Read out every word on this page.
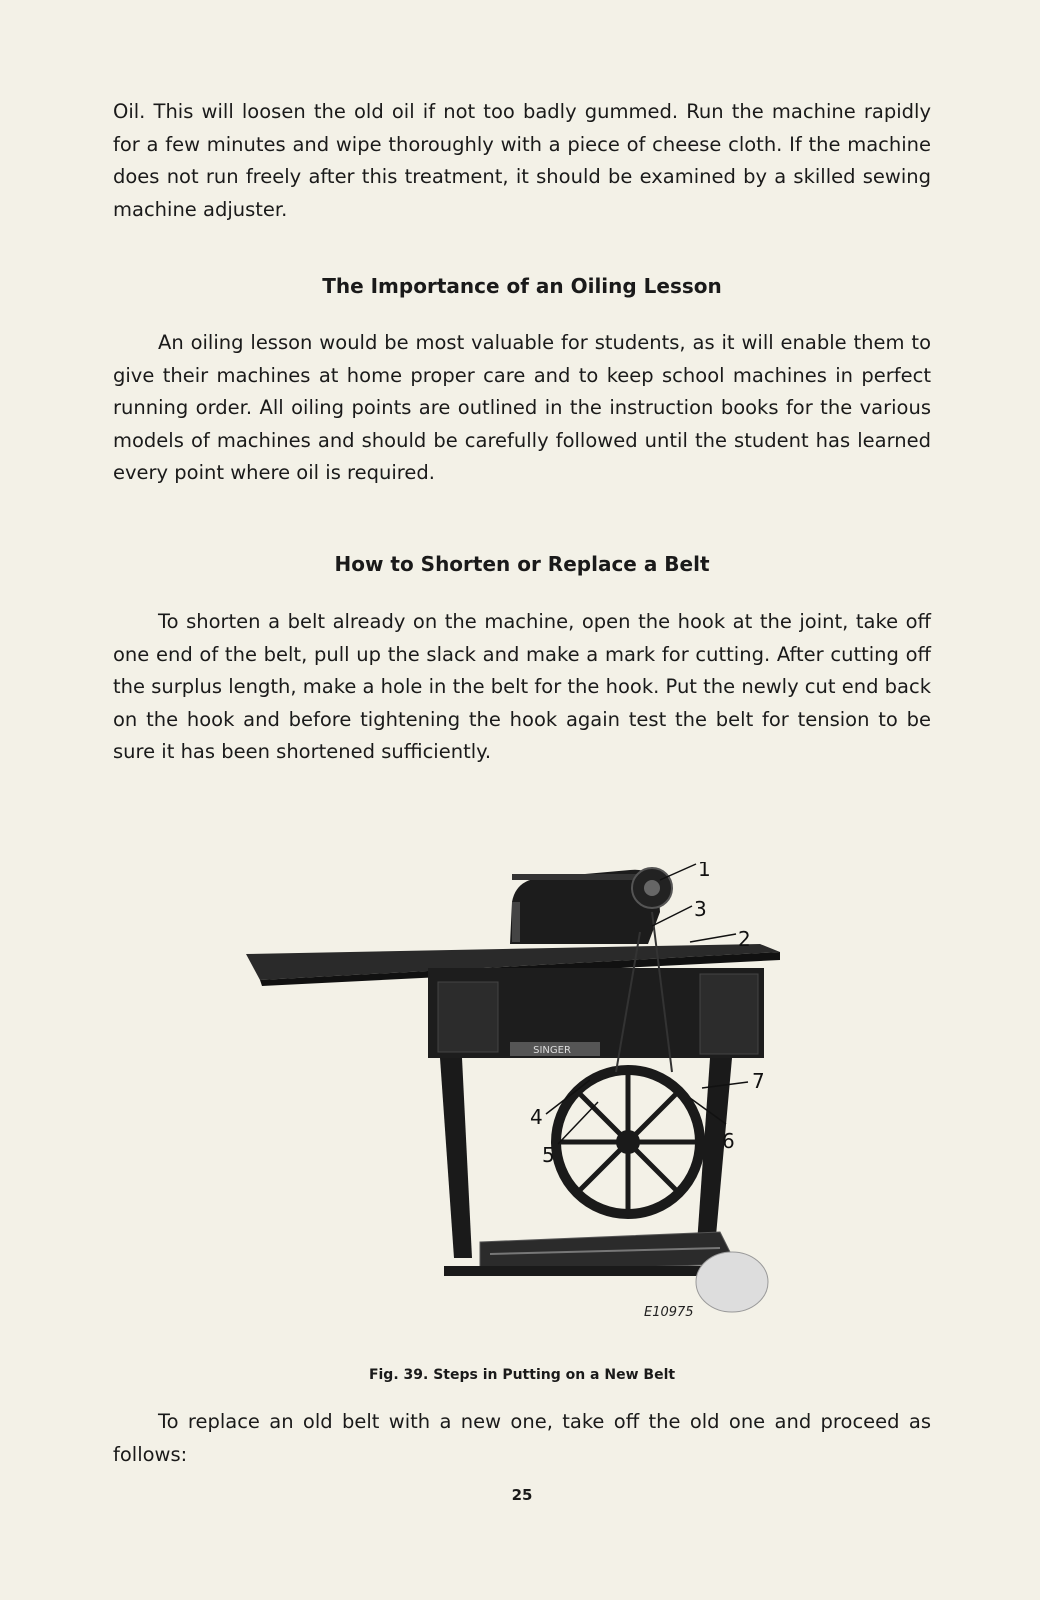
Oil. This will loosen the old oil if not too badly gummed. Run the machine rapidly for a few minutes and wipe thoroughly with a piece of cheese cloth. If the machine does not run freely after this treatment, it should be examined by a skilled sewing machine adjuster.

The Importance of an Oiling Lesson

An oiling lesson would be most valuable for students, as it will enable them to give their machines at home proper care and to keep school machines in perfect running order. All oiling points are outlined in the instruction books for the various models of machines and should be carefully followed until the student has learned every point where oil is required.

How to Shorten or Replace a Belt

To shorten a belt already on the machine, open the hook at the joint, take off one end of the belt, pull up the slack and make a mark for cutting. After cutting off the surplus length, make a hole in the belt for the hook. Put the newly cut end back on the hook and before tightening the hook again test the belt for tension to be sure it has been shortened sufficiently.

SINGER
1
2
3
4
5
6
7
E10975

Fig. 39. Steps in Putting on a New Belt

To replace an old belt with a new one, take off the old one and proceed as follows:

25
